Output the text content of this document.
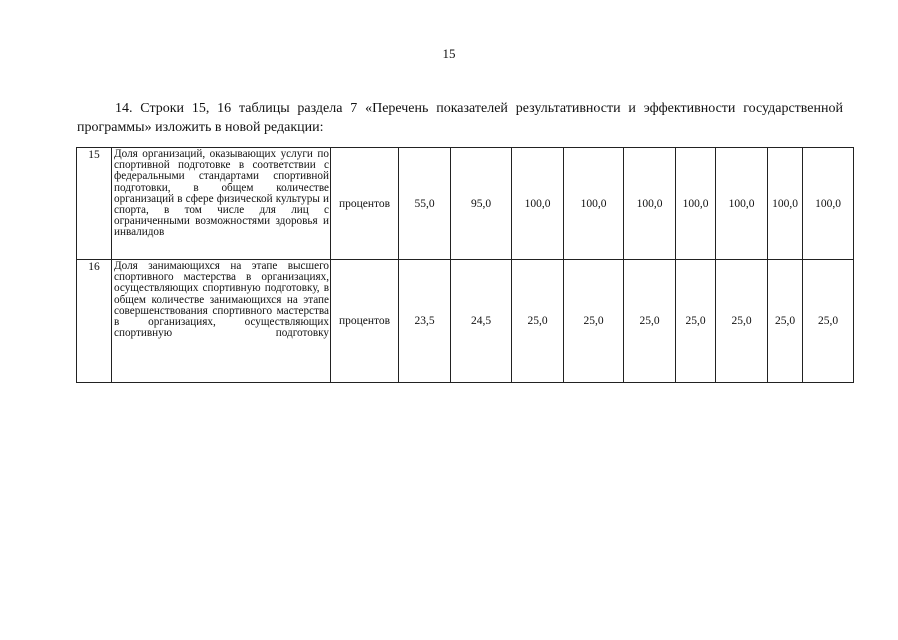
15
14. Строки 15, 16 таблицы раздела 7 «Перечень показателей результативности и эффективности государственной программы» изложить в новой редакции:
15	Доля организаций, оказывающих услуги по спортивной подготовке в соответствии с федеральными стандартами спортивной подготовки, в общем количестве организаций в сфере физической культуры и спорта, в том числе для лиц с ограниченными возможностями здоровья и инвалидов	процентов	55,0	95,0	100,0	100,0	100,0	100,0	100,0	100,0	100,0
16	Доля занимающихся на этапе высшего спортивного мастерства в организациях, осуществляющих спортивную подготовку, в общем количестве занимающихся на этапе совершенствования спортивного мастерства в организациях, осуществляющих спортивную подготовку	процентов	23,5	24,5	25,0	25,0	25,0	25,0	25,0	25,0	25,0
